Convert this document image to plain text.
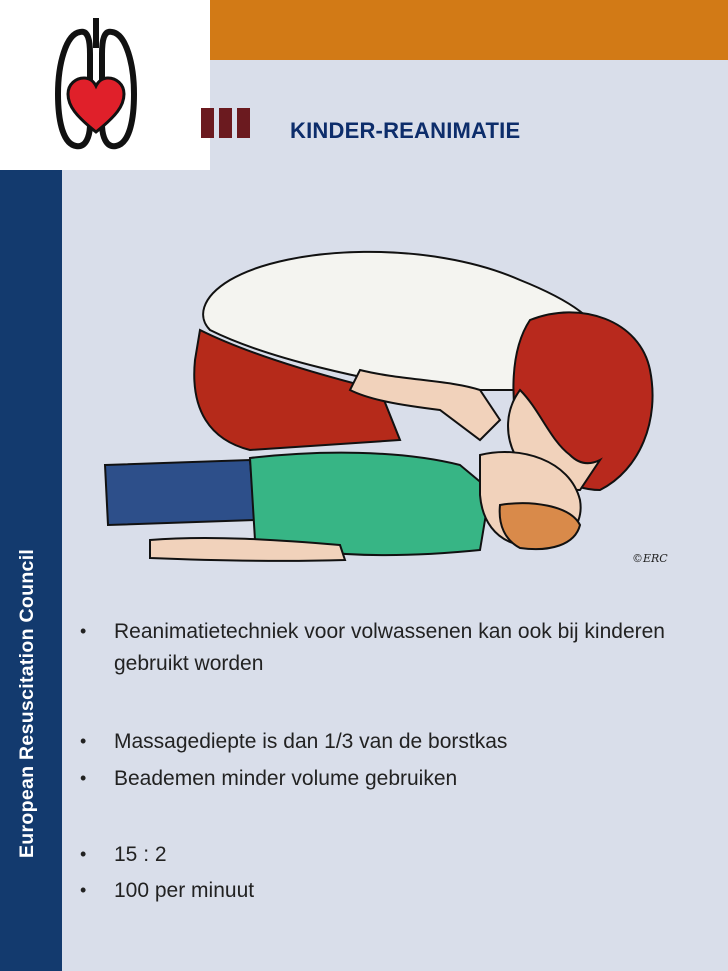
European Resuscitation Council
KINDER-REANIMATIE
©ERC
• Reanimatietechniek voor volwassenen kan ook bij kinderen gebruikt worden
• Massagediepte is dan 1/3 van de borstkas
• Beademen minder volume gebruiken
• 15 : 2
• 100 per minuut
